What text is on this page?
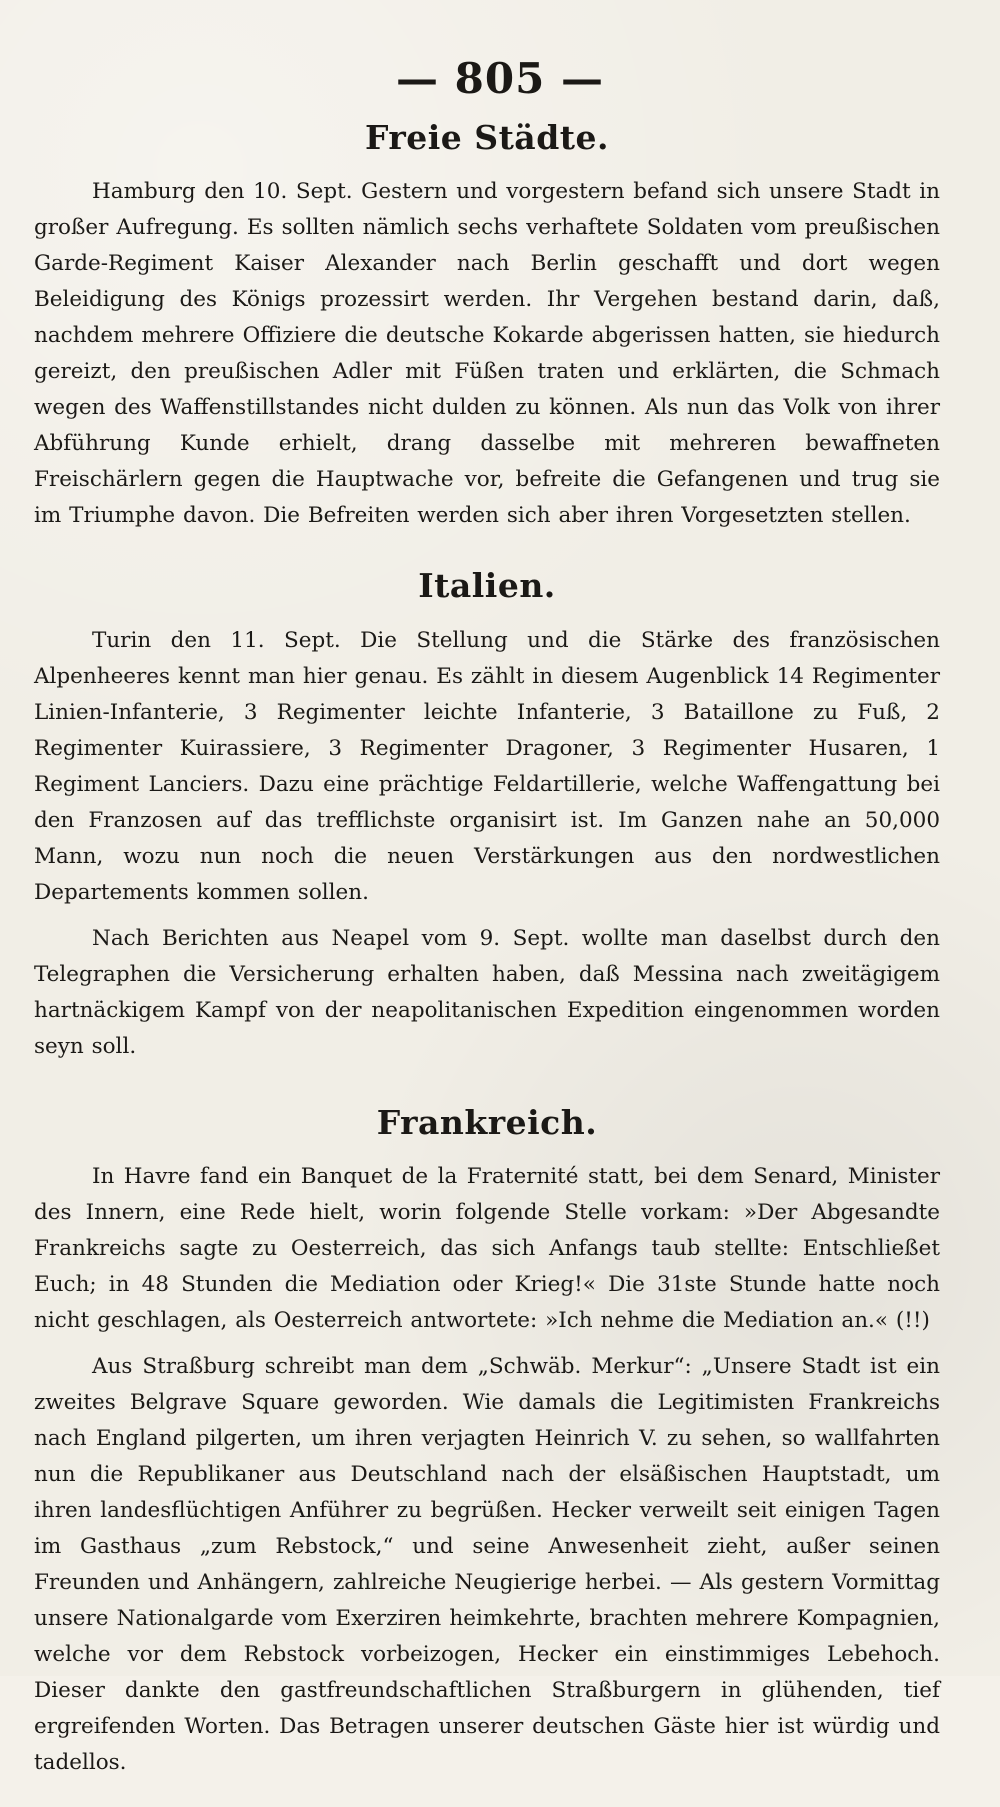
— 805 —
Freie Städte.

Hamburg den 10. Sept. Gestern und vorgestern befand sich unsere Stadt in großer Aufregung. Es sollten nämlich sechs verhaftete Soldaten vom preußischen Garde-Regiment Kaiser Alexander nach Berlin geschafft und dort wegen Beleidigung des Königs prozessirt werden. Ihr Vergehen bestand darin, daß, nachdem mehrere Offiziere die deutsche Kokarde abgerissen hatten, sie hiedurch gereizt, den preußischen Adler mit Füßen traten und erklärten, die Schmach wegen des Waffenstillstandes nicht dulden zu können. Als nun das Volk von ihrer Abführung Kunde erhielt, drang dasselbe mit mehreren bewaffneten Freischärlern gegen die Hauptwache vor, befreite die Gefangenen und trug sie im Triumphe davon. Die Befreiten werden sich aber ihren Vorgesetzten stellen.

Italien.

Turin den 11. Sept. Die Stellung und die Stärke des französischen Alpenheeres kennt man hier genau. Es zählt in diesem Augenblick 14 Regimenter Linien-Infanterie, 3 Regimenter leichte Infanterie, 3 Bataillone zu Fuß, 2 Regimenter Kuirassiere, 3 Regimenter Dragoner, 3 Regimenter Husaren, 1 Regiment Lanciers. Dazu eine prächtige Feldartillerie, welche Waffengattung bei den Franzosen auf das trefflichste organisirt ist. Im Ganzen nahe an 50,000 Mann, wozu nun noch die neuen Verstärkungen aus den nordwestlichen Departements kommen sollen.

Nach Berichten aus Neapel vom 9. Sept. wollte man daselbst durch den Telegraphen die Versicherung erhalten haben, daß Messina nach zweitägigem hartnäckigem Kampf von der neapolitanischen Expedition eingenommen worden seyn soll.

Frankreich.

In Havre fand ein Banquet de la Fraternité statt, bei dem Senard, Minister des Innern, eine Rede hielt, worin folgende Stelle vorkam: »Der Abgesandte Frankreichs sagte zu Oesterreich, das sich Anfangs taub stellte: Entschließet Euch; in 48 Stunden die Mediation oder Krieg!« Die 31ste Stunde hatte noch nicht geschlagen, als Oesterreich antwortete: »Ich nehme die Mediation an.« (!!)

Aus Straßburg schreibt man dem „Schwäb. Merkur“: „Unsere Stadt ist ein zweites Belgrave Square geworden. Wie damals die Legitimisten Frankreichs nach England pilgerten, um ihren verjagten Heinrich V. zu sehen, so wallfahrten nun die Republikaner aus Deutschland nach der elsäßischen Hauptstadt, um ihren landesflüchtigen Anführer zu begrüßen. Hecker verweilt seit einigen Tagen im Gasthaus „zum Rebstock,“ und seine Anwesenheit zieht, außer seinen Freunden und Anhängern, zahlreiche Neugierige herbei. — Als gestern Vormittag unsere Nationalgarde vom Exerziren heimkehrte, brachten mehrere Kompagnien, welche vor dem Rebstock vorbeizogen, Hecker ein einstimmiges Lebehoch. Dieser dankte den gastfreundschaftlichen Straßburgern in glühenden, tief ergreifenden Worten. Das Betragen unserer deutschen Gäste hier ist würdig und tadellos.
